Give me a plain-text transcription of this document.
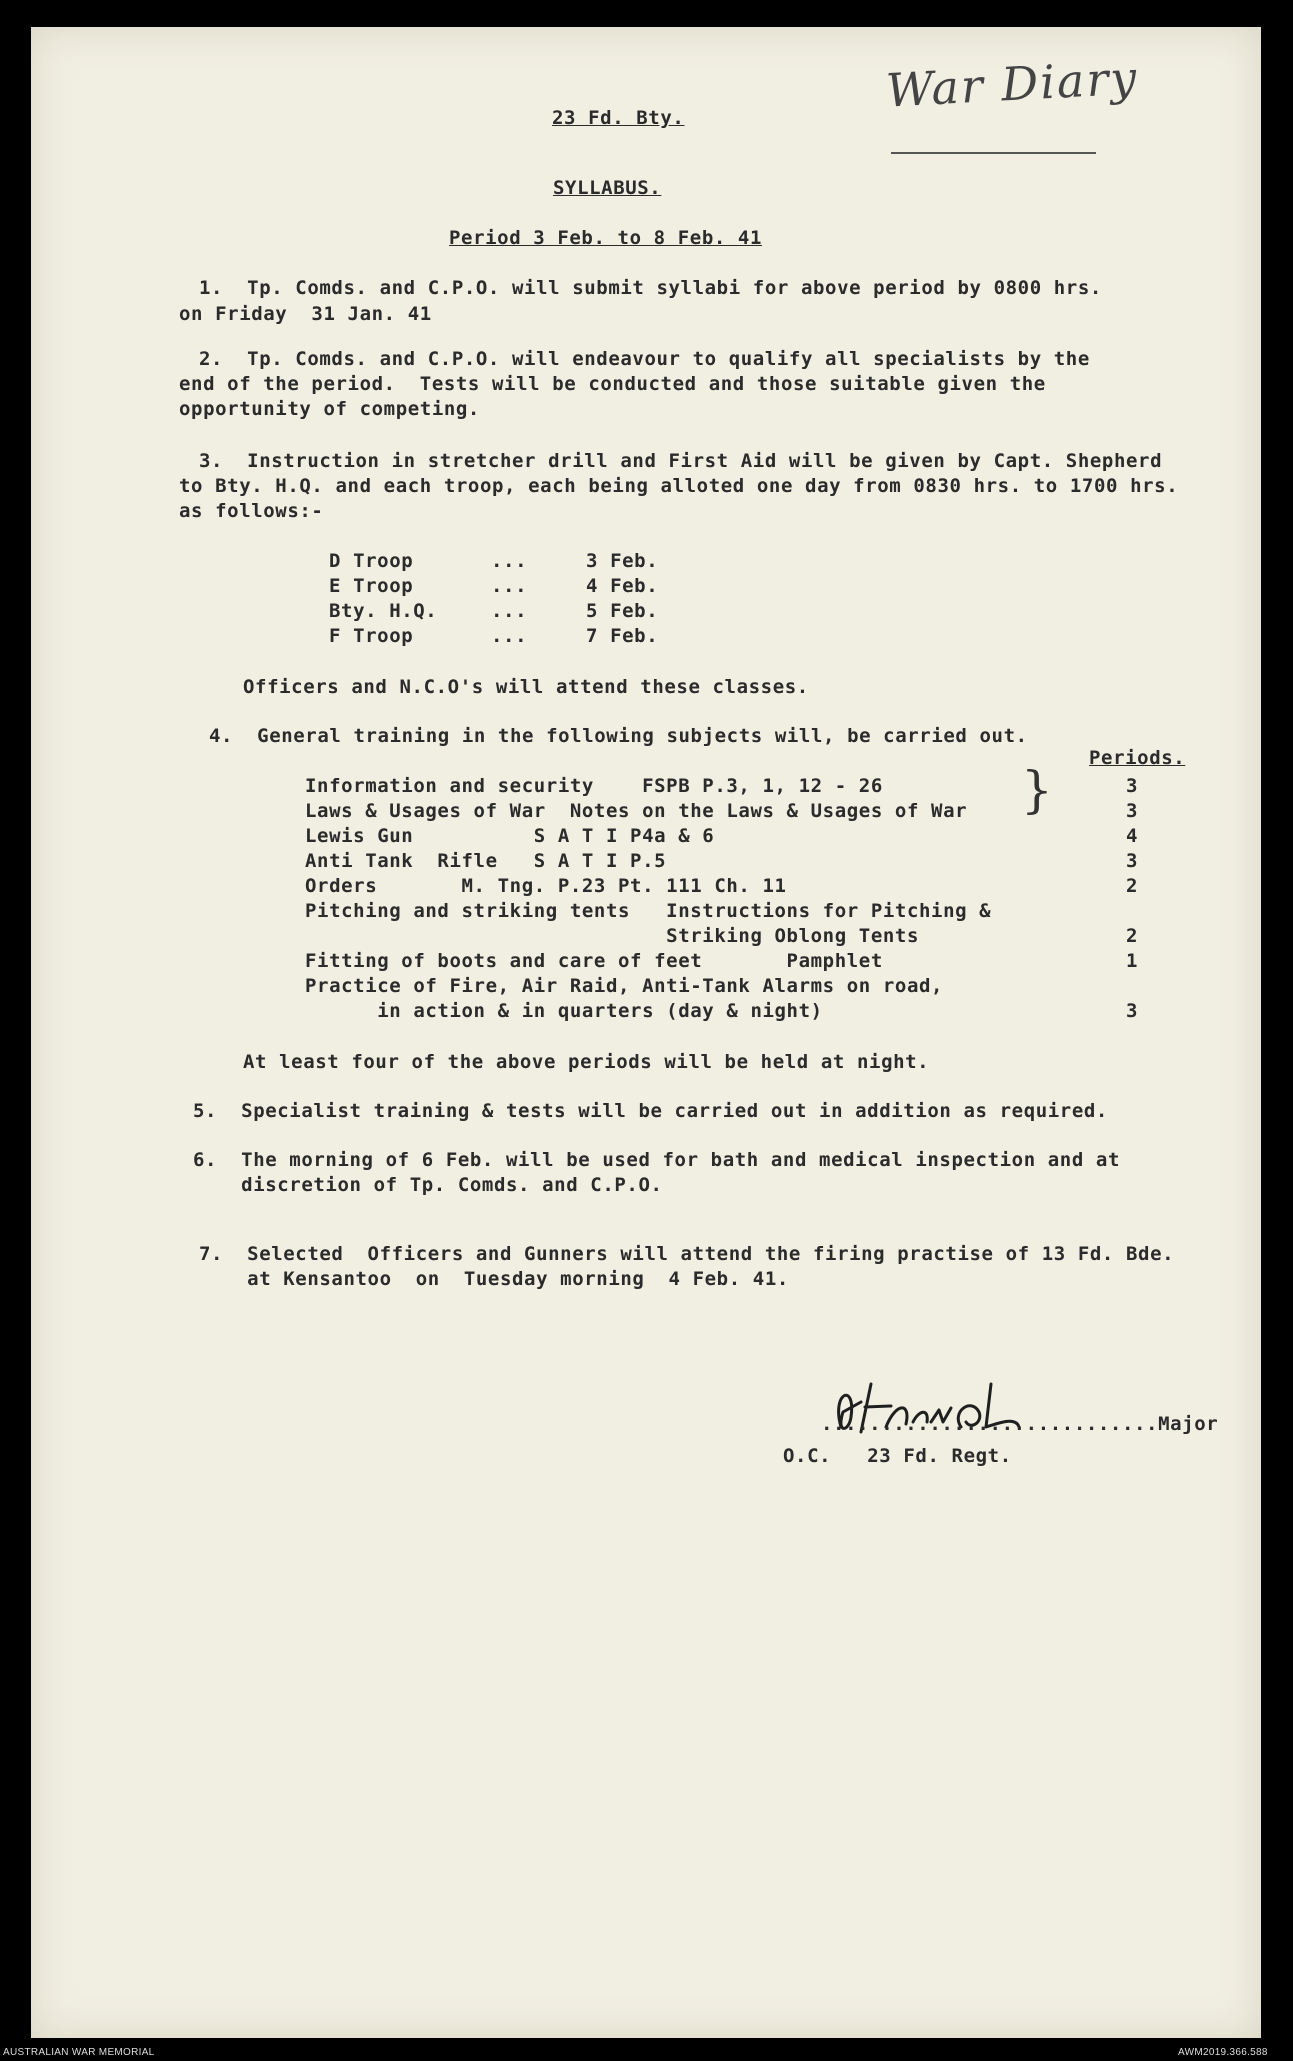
War Diary
23 Fd. Bty.
SYLLABUS.
Period 3 Feb. to 8 Feb. 41
1.  Tp. Comds. and C.P.O. will submit syllabi for above period by 0800 hrs.
on Friday  31 Jan. 41
2.  Tp. Comds. and C.P.O. will endeavour to qualify all specialists by the
end of the period.  Tests will be conducted and those suitable given the
opportunity of competing.
3.  Instruction in stretcher drill and First Aid will be given by Capt. Shepherd
to Bty. H.Q. and each troop, each being alloted one day from 0830 hrs. to 1700 hrs.
as follows:-
D Troop	...	3 Feb.
E Troop	...	4 Feb.
Bty. H.Q.	...	5 Feb.
F Troop	...	7 Feb.
Officers and N.C.O's will attend these classes.
4.  General training in the following subjects will, be carried out.
Periods.
Information and security    FSPB P.3, 1, 12 - 26	3
Laws & Usages of War  Notes on the Laws & Usages of War	3
Lewis Gun          S A T I P4a & 6	4
Anti Tank  Rifle   S A T I P.5	3
Orders       M. Tng. P.23 Pt. 111 Ch. 11	2
Pitching and striking tents   Instructions for Pitching &
Striking Oblong Tents	2
Fitting of boots and care of feet       Pamphlet	1
Practice of Fire, Air Raid, Anti-Tank Alarms on road,
in action & in quarters (day & night)	3
}
At least four of the above periods will be held at night.
5.  Specialist training & tests will be carried out in addition as required.
6.  The morning of 6 Feb. will be used for bath and medical inspection and at
discretion of Tp. Comds. and C.P.O.
7.  Selected  Officers and Gunners will attend the firing practise of 13 Fd. Bde.
at Kensantoo  on  Tuesday morning  4 Feb. 41.
............................Major
O.C.   23 Fd. Regt.
AUSTRALIAN WAR MEMORIAL	AWM2019.366.588
